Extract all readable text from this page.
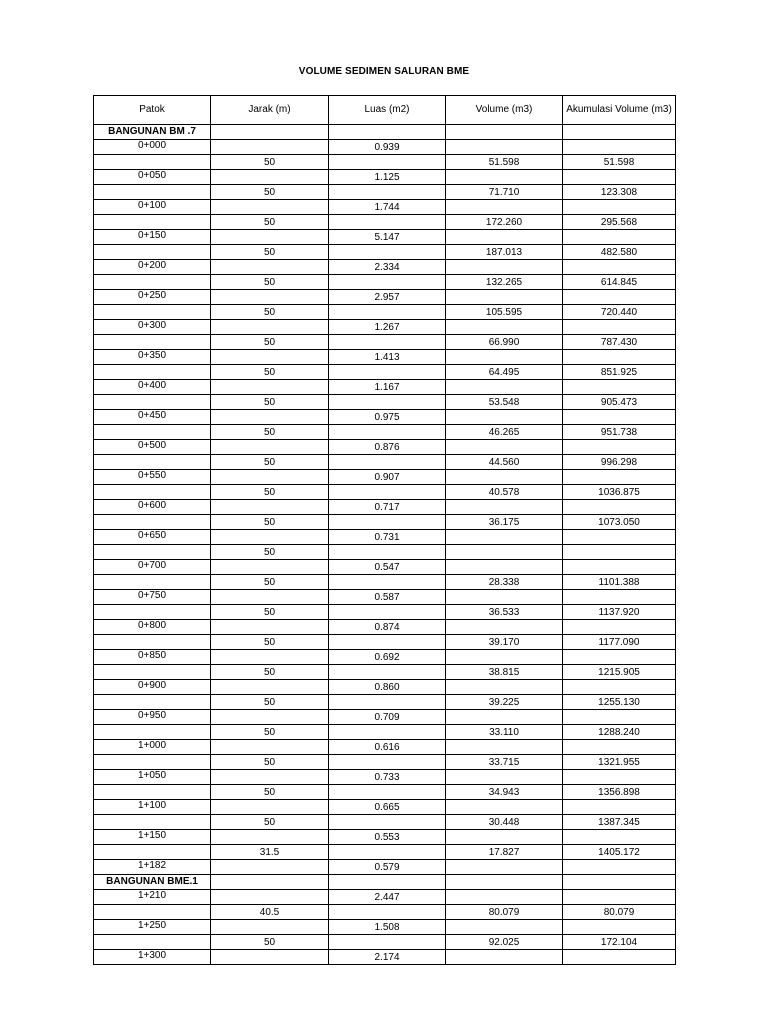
VOLUME SEDIMEN SALURAN BME
Patok	Jarak (m)	Luas (m2)	Volume (m3)	Akumulasi Volume (m3)
BANGUNAN BM .7				
0+000		0.939		
	50		51.598	51.598
0+050		1.125		
	50		71.710	123.308
0+100		1.744		
	50		172.260	295.568
0+150		5.147		
	50		187.013	482.580
0+200		2.334		
	50		132.265	614.845
0+250		2.957		
	50		105.595	720.440
0+300		1.267		
	50		66.990	787.430
0+350		1.413		
	50		64.495	851.925
0+400		1.167		
	50		53.548	905.473
0+450		0.975		
	50		46.265	951.738
0+500		0.876		
	50		44.560	996.298
0+550		0.907		
	50		40.578	1036.875
0+600		0.717		
	50		36.175	1073.050
0+650		0.731		
	50			
0+700		0.547		
	50		28.338	1101.388
0+750		0.587		
	50		36.533	1137.920
0+800		0.874		
	50		39.170	1177.090
0+850		0.692		
	50		38.815	1215.905
0+900		0.860		
	50		39.225	1255.130
0+950		0.709		
	50		33.110	1288.240
1+000		0.616		
	50		33.715	1321.955
1+050		0.733		
	50		34.943	1356.898
1+100		0.665		
	50		30.448	1387.345
1+150		0.553		
	31.5		17.827	1405.172
1+182		0.579		
BANGUNAN BME.1				
1+210		2.447		
	40.5		80.079	80.079
1+250		1.508		
	50		92.025	172.104
1+300		2.174		
